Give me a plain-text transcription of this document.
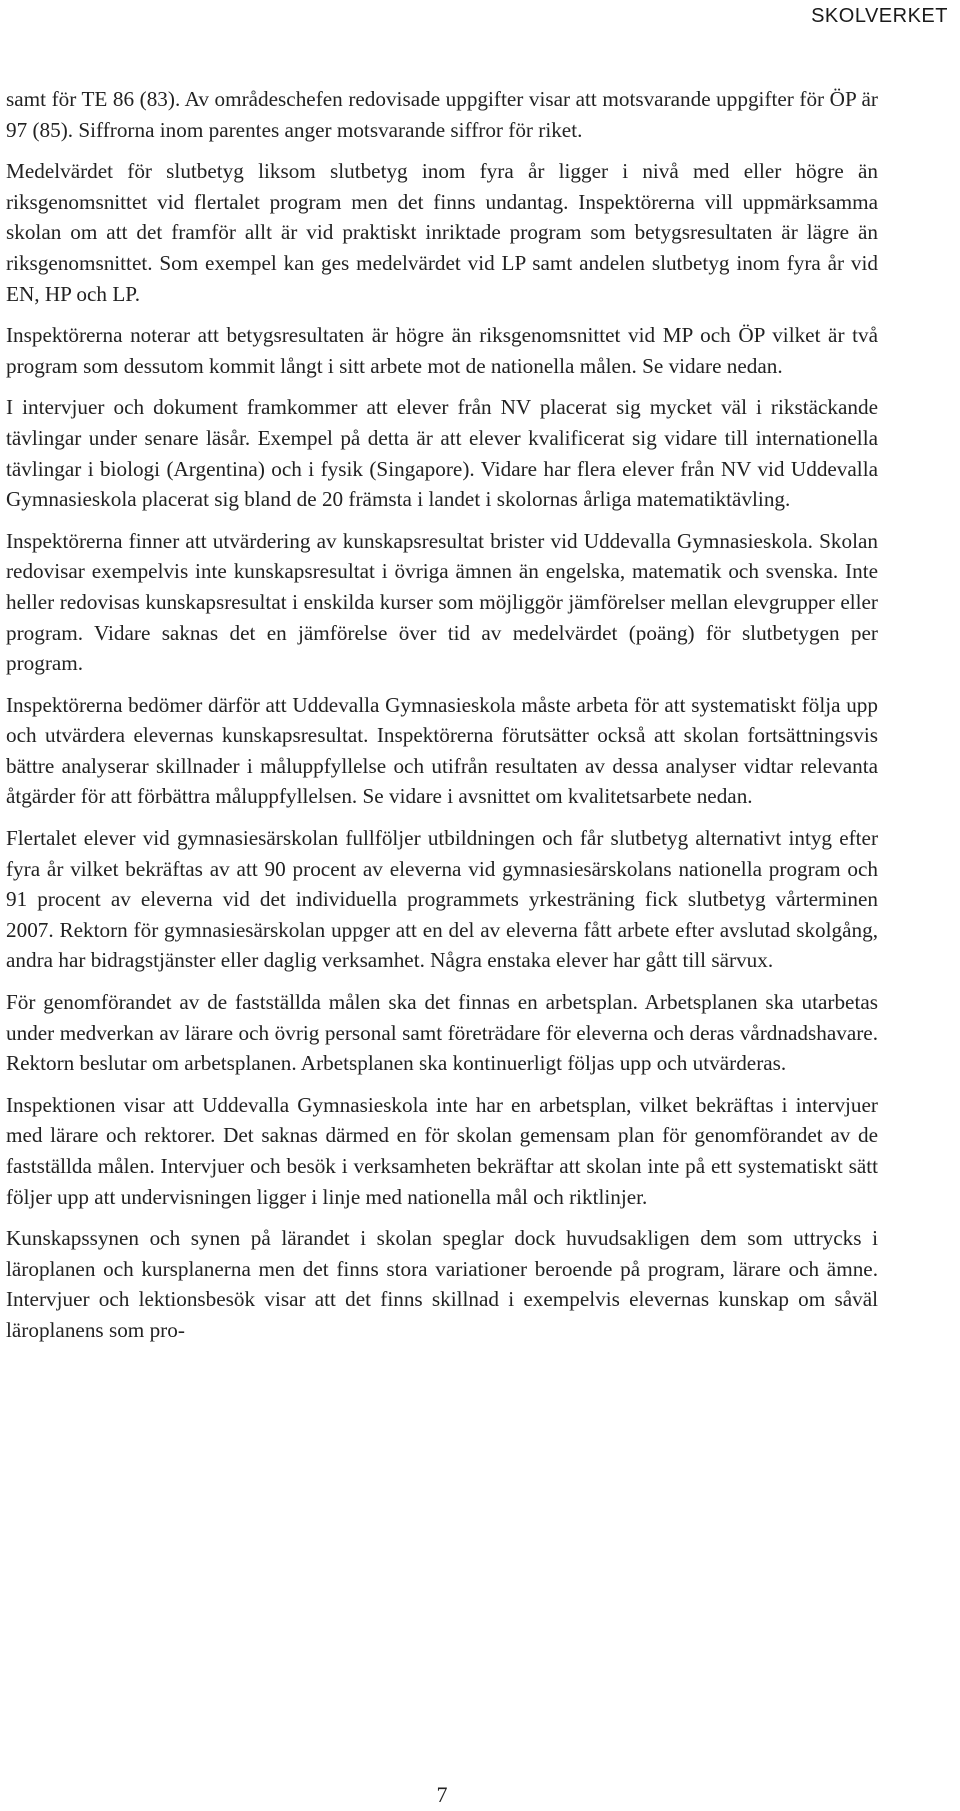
SKOLVERKET

samt för TE 86 (83). Av områdeschefen redovisade uppgifter visar att motsvarande uppgifter för ÖP är 97 (85). Siffrorna inom parentes anger motsvarande siffror för riket.

Medelvärdet för slutbetyg liksom slutbetyg inom fyra år ligger i nivå med eller högre än riksgenomsnittet vid flertalet program men det finns undantag. Inspektörerna vill uppmärksamma skolan om att det framför allt är vid praktiskt inriktade program som betygsresultaten är lägre än riksgenomsnittet. Som exempel kan ges medelvärdet vid LP samt andelen slutbetyg inom fyra år vid EN, HP och LP.

Inspektörerna noterar att betygsresultaten är högre än riksgenomsnittet vid MP och ÖP vilket är två program som dessutom kommit långt i sitt arbete mot de nationella målen. Se vidare nedan.

I intervjuer och dokument framkommer att elever från NV placerat sig mycket väl i rikstäckande tävlingar under senare läsår. Exempel på detta är att elever kvalificerat sig vidare till internationella tävlingar i biologi (Argentina) och i fysik (Singapore). Vidare har flera elever från NV vid Uddevalla Gymnasieskola placerat sig bland de 20 främsta i landet i skolornas årliga matematiktävling.

Inspektörerna finner att utvärdering av kunskapsresultat brister vid Uddevalla Gymnasieskola. Skolan redovisar exempelvis inte kunskapsresultat i övriga ämnen än engelska, matematik och svenska. Inte heller redovisas kunskapsresultat i enskilda kurser som möjliggör jämförelser mellan elevgrupper eller program. Vidare saknas det en jämförelse över tid av medelvärdet (poäng) för slutbetygen per program.

Inspektörerna bedömer därför att Uddevalla Gymnasieskola måste arbeta för att systematiskt följa upp och utvärdera elevernas kunskapsresultat. Inspektörerna förutsätter också att skolan fortsättningsvis bättre analyserar skillnader i måluppfyllelse och utifrån resultaten av dessa analyser vidtar relevanta åtgärder för att förbättra måluppfyllelsen. Se vidare i avsnittet om kvalitetsarbete nedan.

Flertalet elever vid gymnasiesärskolan fullföljer utbildningen och får slutbetyg alternativt intyg efter fyra år vilket bekräftas av att 90 procent av eleverna vid gymnasiesärskolans nationella program och 91 procent av eleverna vid det individuella programmets yrkesträning fick slutbetyg vårterminen 2007. Rektorn för gymnasiesärskolan uppger att en del av eleverna fått arbete efter avslutad skolgång, andra har bidragstjänster eller daglig verksamhet. Några enstaka elever har gått till särvux.

För genomförandet av de fastställda målen ska det finnas en arbetsplan. Arbetsplanen ska utarbetas under medverkan av lärare och övrig personal samt företrädare för eleverna och deras vårdnadshavare. Rektorn beslutar om arbetsplanen. Arbetsplanen ska kontinuerligt följas upp och utvärderas.

Inspektionen visar att Uddevalla Gymnasieskola inte har en arbetsplan, vilket bekräftas i intervjuer med lärare och rektorer. Det saknas därmed en för skolan gemensam plan för genomförandet av de fastställda målen. Intervjuer och besök i verksamheten bekräftar att skolan inte på ett systematiskt sätt följer upp att undervisningen ligger i linje med nationella mål och riktlinjer.

Kunskapssynen och synen på lärandet i skolan speglar dock huvudsakligen dem som uttrycks i läroplanen och kursplanerna men det finns stora variationer beroende på program, lärare och ämne. Intervjuer och lektionsbesök visar att det finns skillnad i exempelvis elevernas kunskap om såväl läroplanens som pro-

7
